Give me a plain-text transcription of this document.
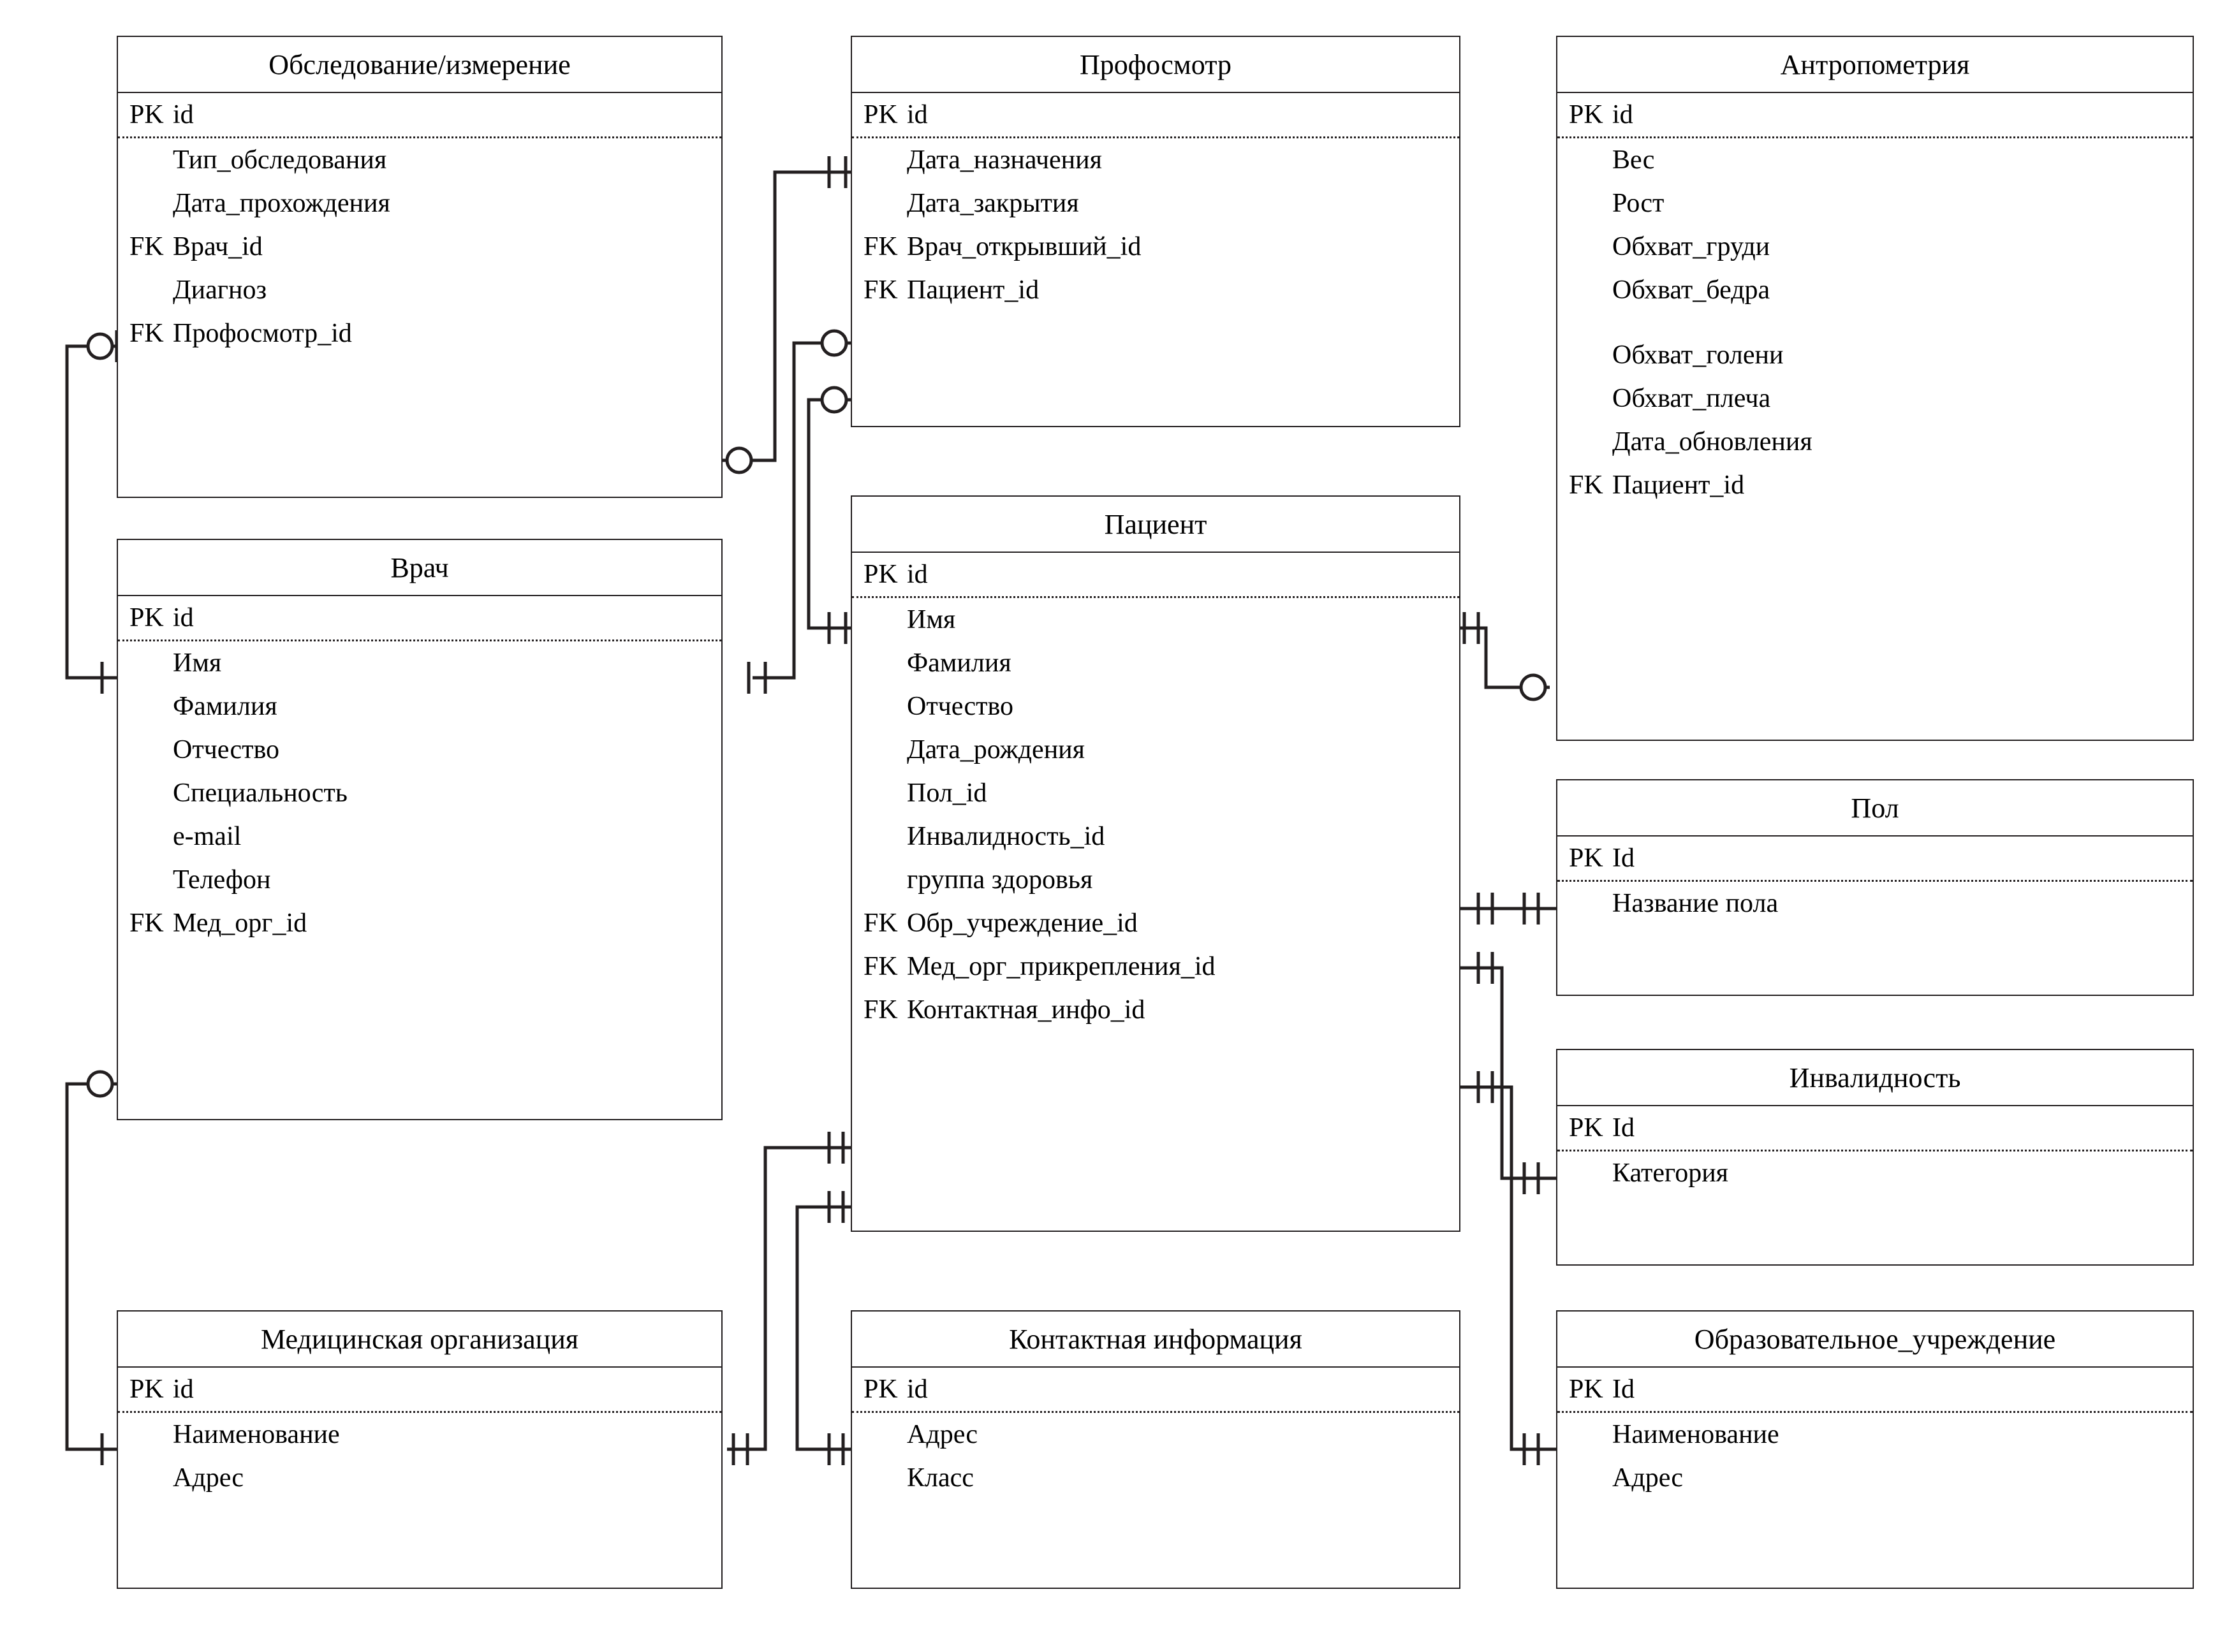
Обследование/измерение
PK id
Тип_обследования
Дата_прохождения
FK Врач_id
Диагноз
FK Профосмотр_id
Врач
PK id
Имя
Фамилия
Отчество
Специальность
e-mail
Телефон
FK Мед_орг_id
Медицинская организация
PK id
Наименование
Адрес
Профосмотр
PK id
Дата_назначения
Дата_закрытия
FK Врач_открывший_id
FK Пациент_id
Пациент
PK id
Имя
Фамилия
Отчество
Дата_рождения
Пол_id
Инвалидность_id
группа здоровья
FK Обр_учреждение_id
FK Мед_орг_прикрепления_id
FK Контактная_инфо_id
Контактная информация
PK id
Адрес
Класс
Антропометрия
PK id
Вес
Рост
Обхват_груди
Обхват_бедра
Обхват_голени
Обхват_плеча
Дата_обновления
FK Пациент_id
Пол
PK Id
Название пола
Инвалидность
PK Id
Категория
Образовательное_учреждение
PK Id
Наименование
Адрес
